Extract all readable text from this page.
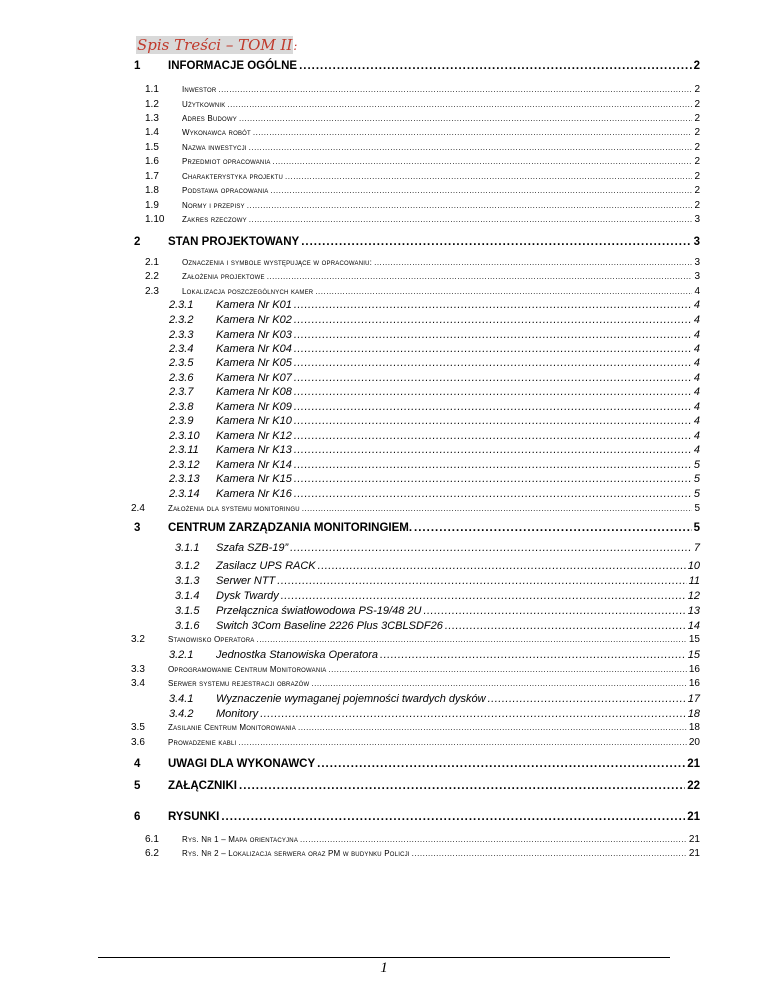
Spis Treści – TOM II:
1 INFORMACJE OGÓLNE .....	2
1.1	Inwestor .....	2
1.2	Użytkownik .....	2
1.3	Adres Budowy .....	2
1.4	Wykonawca robót .....	2
1.5	Nazwa inwestycji .....	2
1.6	Przedmiot opracowania .....	2
1.7	Charakterystyka projektu .....	2
1.8	Podstawa opracowania .....	2
1.9	Normy i przepisy .....	2
1.10 Zakres rzeczowy .....	3
2 STAN PROJEKTOWANY .....	3
2.1	Oznaczenia i symbole występujące w opracowaniu: .....	3
2.2	Założenia projektowe .....	3
2.3	Lokalizacja poszczególnych kamer .....	4
2.3.1 Kamera Nr K01 .....	4
2.3.2 Kamera Nr K02 .....	4
2.3.3 Kamera Nr K03 .....	4
2.3.4 Kamera Nr K04 .....	4
2.3.5 Kamera Nr K05 .....	4
2.3.6 Kamera Nr K07 .....	4
2.3.7 Kamera Nr K08 .....	4
2.3.8 Kamera Nr K09 .....	4
2.3.9 Kamera Nr K10 .....	4
2.3.10 Kamera Nr K12 .....	4
2.3.11 Kamera Nr K13 .....	4
2.3.12 Kamera Nr K14 .....	5
2.3.13 Kamera Nr K15 .....	5
2.3.14 Kamera Nr K16 .....	5
2.4	Założenia dla systemu monitoringu .....	5
3 CENTRUM ZARZĄDZANIA MONITORINGIEM. .....	5
3.1.1 Szafa SZB-19” .....	7
3.1.2 Zasilacz UPS RACK .....	10
3.1.3 Serwer NTT .....	11
3.1.4 Dysk Twardy .....	12
3.1.5 Przełącznica światłowodowa PS-19/48 2U .....	13
3.1.6 Switch 3Com Baseline 2226 Plus 3CBLSDF26 .....	14
3.2	Stanowisko Operatora .....	15
3.2.1 Jednostka Stanowiska Operatora .....	15
3.3	Oprogramowanie Centrum Monitorowania .....	16
3.4	Serwer systemu rejestracji obrazów .....	16
3.4.1 Wyznaczenie wymaganej pojemności twardych dysków .....	17
3.4.2 Monitory .....	18
3.5	Zasilanie Centrum Monitorowania .....	18
3.6	Prowadzenie kabli .....	20
4 UWAGI DLA WYKONAWCY .....	21
5 ZAŁĄCZNIKI .....	22
6 RYSUNKI .....	21
6.1	Rys. Nr 1 – Mapa orientacyjna .....	21
6.2	Rys. Nr 2 – Lokalizacja serwera oraz PM w budynku Policji .....	21
1
